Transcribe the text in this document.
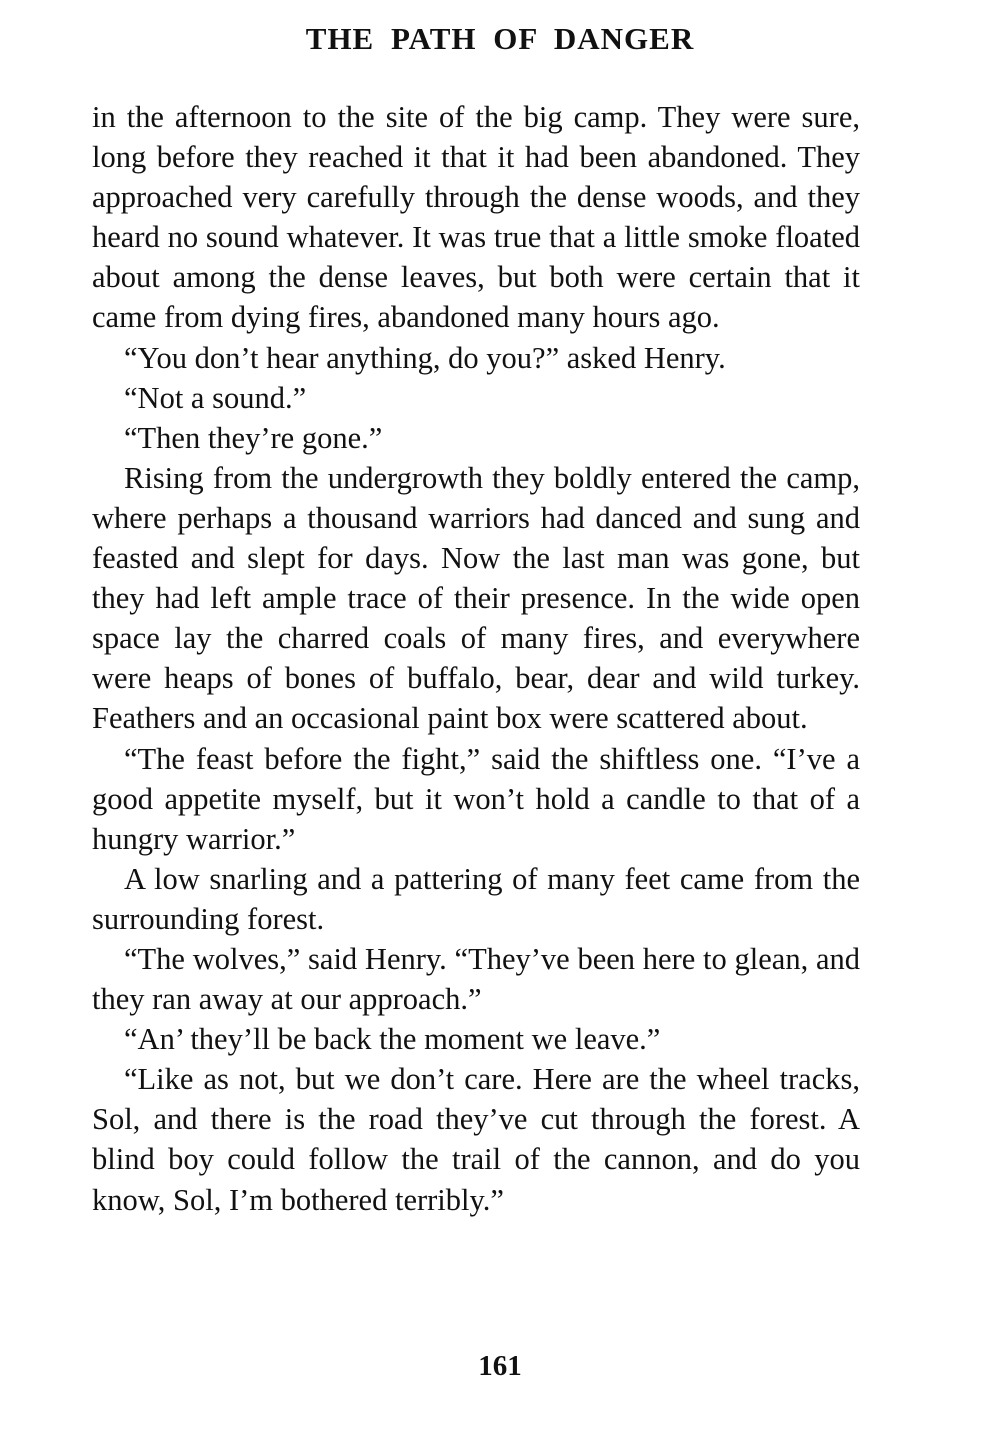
THE PATH OF DANGER

in the afternoon to the site of the big camp. They were sure, long before they reached it that it had been abandoned. They approached very carefully through the dense woods, and they heard no sound whatever. It was true that a little smoke floated about among the dense leaves, but both were certain that it came from dying fires, abandoned many hours ago.

“You don’t hear anything, do you?” asked Henry.

“Not a sound.”

“Then they’re gone.”

Rising from the undergrowth they boldly entered the camp, where perhaps a thousand warriors had danced and sung and feasted and slept for days. Now the last man was gone, but they had left ample trace of their presence. In the wide open space lay the charred coals of many fires, and everywhere were heaps of bones of buffalo, bear, dear and wild turkey. Feathers and an occasional paint box were scattered about.

“The feast before the fight,” said the shiftless one. “I’ve a good appetite myself, but it won’t hold a candle to that of a hungry warrior.”

A low snarling and a pattering of many feet came from the surrounding forest.

“The wolves,” said Henry. “They’ve been here to glean, and they ran away at our approach.”

“An’ they’ll be back the moment we leave.”

“Like as not, but we don’t care. Here are the wheel tracks, Sol, and there is the road they’ve cut through the forest. A blind boy could follow the trail of the cannon, and do you know, Sol, I’m bothered terribly.”

161
